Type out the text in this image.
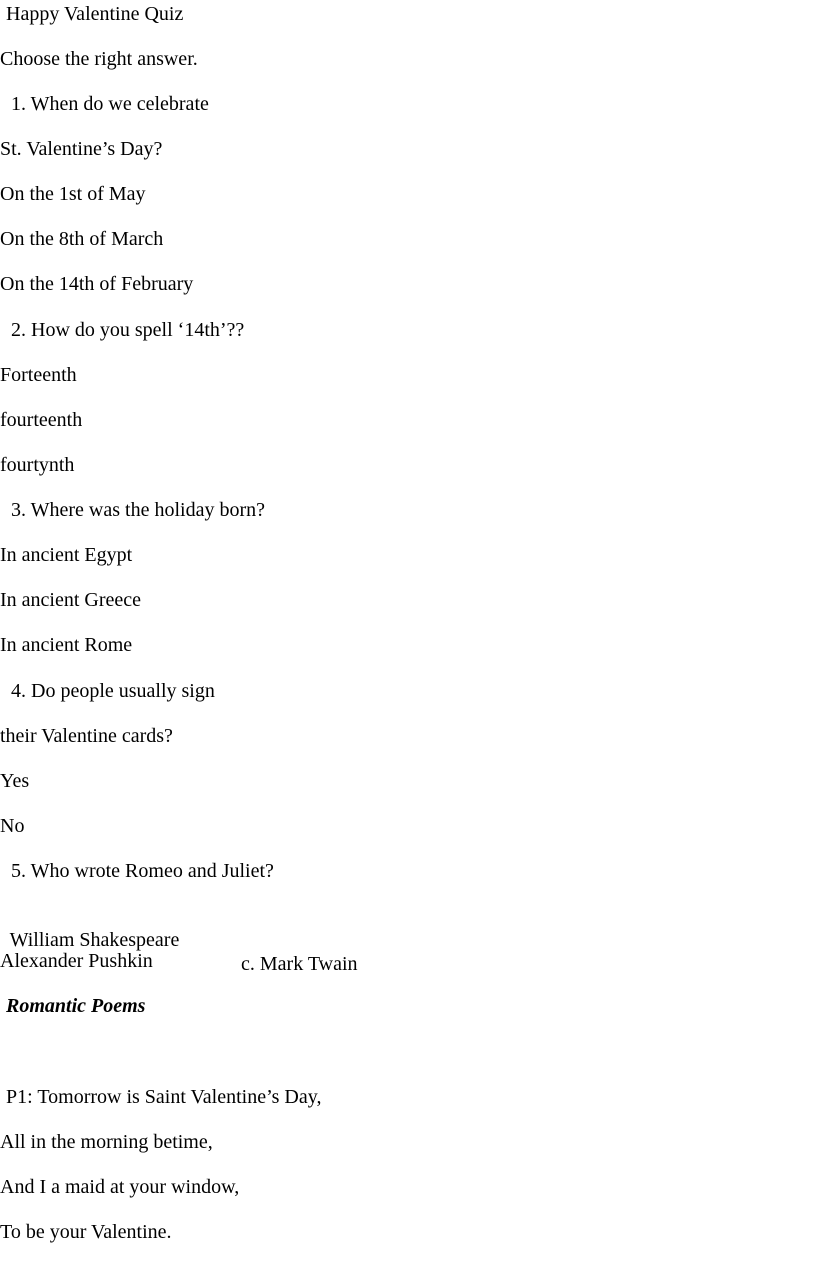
Happy Valentine Quiz
Choose the right answer.
1. When do we celebrate
St. Valentine’s Day?
On the 1st of May
On the 8th of March
On the 14th of February
2. How do you spell ‘14th’??
Forteenth
fourteenth
fourtynth
3. Where was the holiday born?
In ancient Egypt
In ancient Greece
In ancient Rome
4. Do people usually sign
their Valentine cards?
Yes
No
5. Who wrote Romeo and Juliet?

William Shakespeare

c. Mark Twain

Alexander Pushkin
Romantic Poems
P1: Tomorrow is Saint Valentine’s Day,
All in the morning betime,
And I a maid at your window,
To be your Valentine.
